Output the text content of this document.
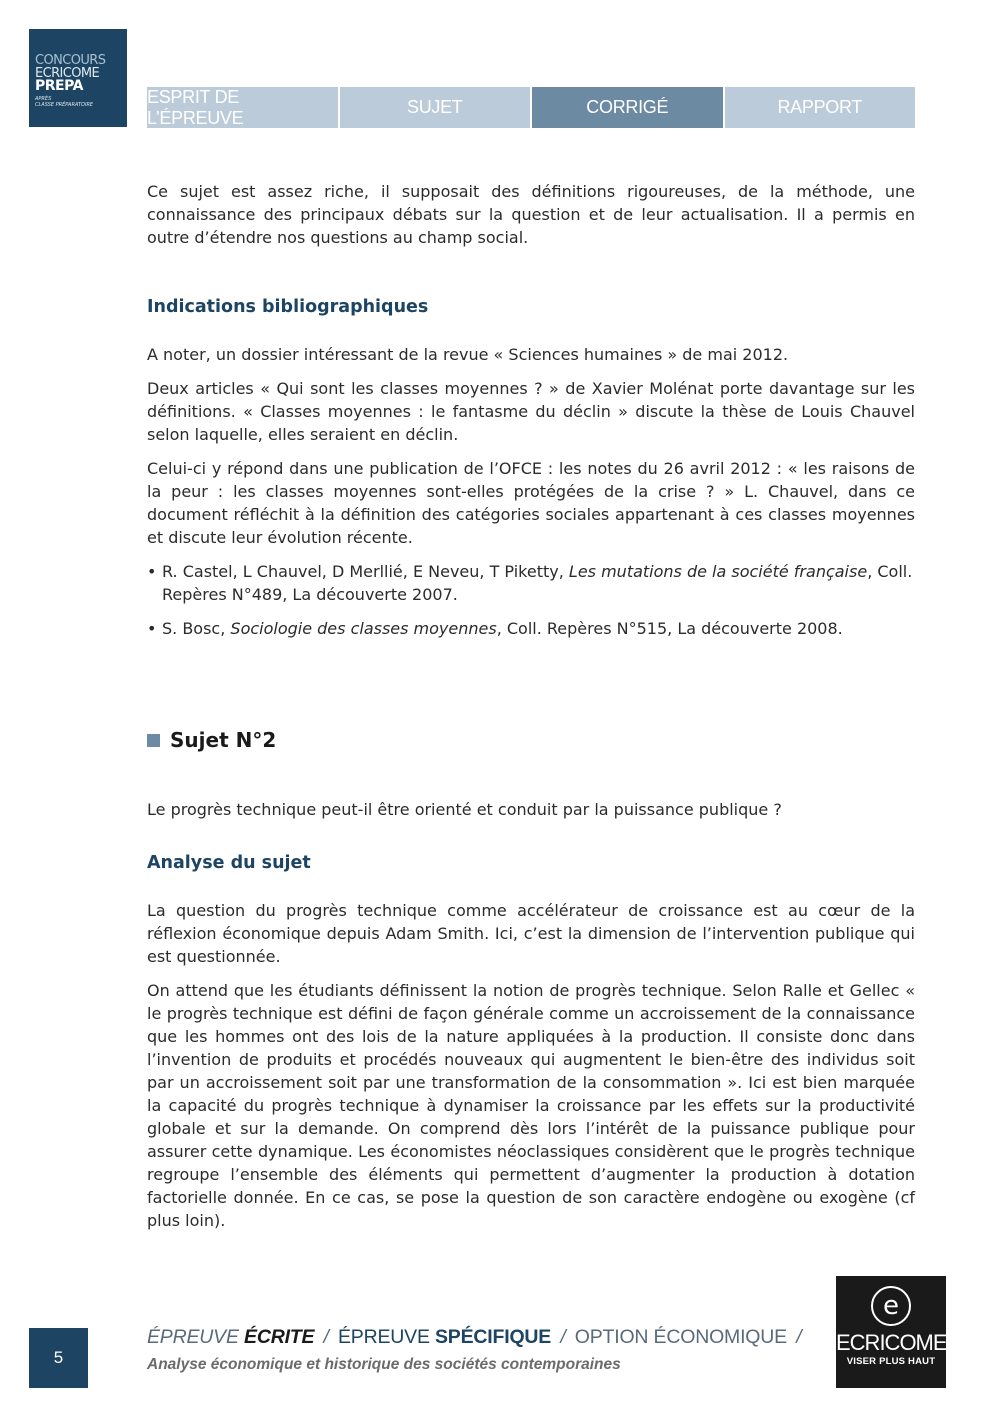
CONCOURS
ECRICOME
PREPA
APRÈS
CLASSE PRÉPARATOIRE	ESPRIT DE L’ÉPREUVE
SUJET	CORRIGÉ	RAPPORT

Ce sujet est assez riche, il supposait des définitions rigoureuses, de la méthode, une connaissance des principaux débats sur la question et de leur actualisation. Il a permis en outre d’étendre nos questions au champ social.

Indications bibliographiques

A noter, un dossier intéressant de la revue « Sciences humaines » de mai 2012.

Deux articles « Qui sont les classes moyennes ? » de Xavier Molénat porte davantage sur les définitions. « Classes moyennes : le fantasme du déclin » discute la thèse de Louis Chauvel selon laquelle, elles seraient en déclin.

Celui-ci y répond dans une publication de l’OFCE : les notes du 26 avril 2012 : « les raisons de la peur : les classes moyennes sont-elles protégées de la crise ? » L. Chauvel, dans ce document réfléchit à la définition des catégories sociales appartenant à ces classes moyennes et discute leur évolution récente.

• R. Castel, L Chauvel, D Merllié, E Neveu, T Piketty, Les mutations de la société française, Coll. Repères N°489, La découverte 2007.
• S. Bosc, Sociologie des classes moyennes, Coll. Repères N°515, La découverte 2008.
Sujet N°2

Le progrès technique peut-il être orienté et conduit par la puissance publique ?

Analyse du sujet

La question du progrès technique comme accélérateur de croissance est au cœur de la réflexion économique depuis Adam Smith. Ici, c’est la dimension de l’intervention publique qui est questionnée.

On attend que les étudiants définissent la notion de progrès technique. Selon Ralle et Gellec « le progrès technique est défini de façon générale comme un accroissement de la connaissance que les hommes ont des lois de la nature appliquées à la production. Il consiste donc dans l’invention de produits et procédés nouveaux qui augmentent le bien-être des individus soit par un accroissement soit par une transformation de la consommation ». Ici est bien marquée la capacité du progrès technique à dynamiser la croissance par les effets sur la productivité globale et sur la demande. On comprend dès lors l’intérêt de la puissance publique pour assurer cette dynamique. Les économistes néoclassiques considèrent que le progrès technique regroupe l’ensemble des éléments qui permettent d’augmenter la production à dotation factorielle donnée. En ce cas, se pose la question de son caractère endogène ou exogène (cf plus loin).

5
ÉPREUVE ÉCRITE / ÉPREUVE SPÉCIFIQUE / OPTION ÉCONOMIQUE /
Analyse économique et historique des sociétés contemporaines
e
ECRICOME
VISER PLUS HAUT
